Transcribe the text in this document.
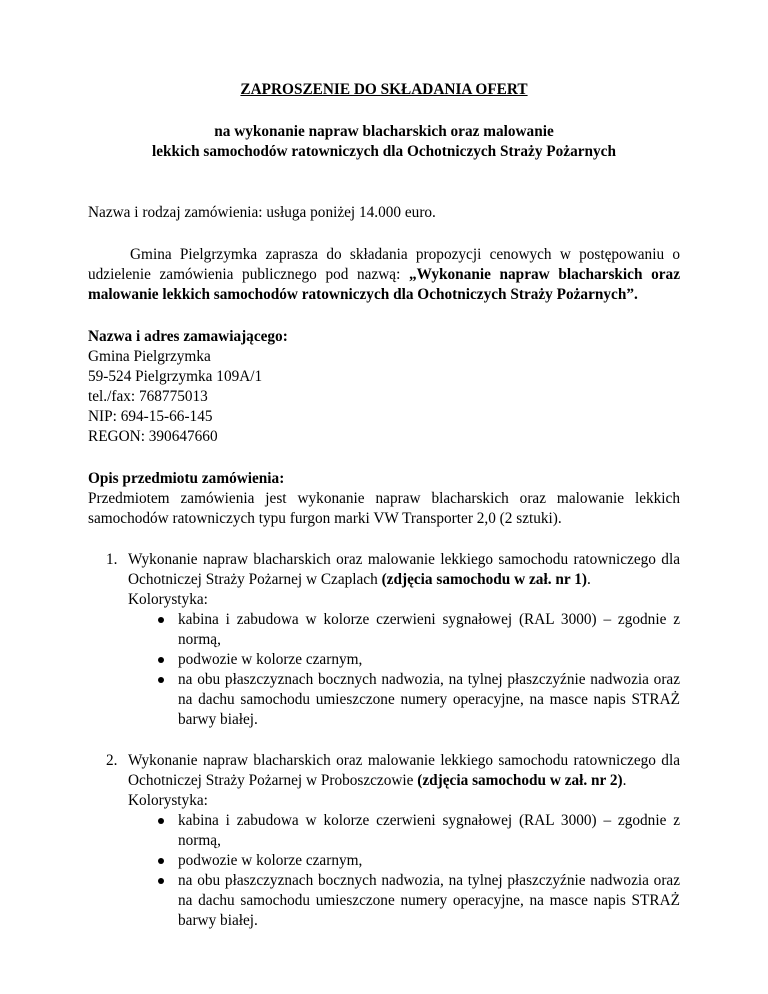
ZAPROSZENIE DO SKŁADANIA OFERT

na wykonanie napraw blacharskich oraz malowanie
lekkich samochodów ratowniczych dla Ochotniczych Straży Pożarnych

Nazwa i rodzaj zamówienia: usługa poniżej 14.000 euro.

Gmina Pielgrzymka zaprasza do składania propozycji cenowych w postępowaniu o udzielenie zamówienia publicznego pod nazwą: „Wykonanie napraw blacharskich oraz malowanie lekkich samochodów ratowniczych dla Ochotniczych Straży Pożarnych”.

Nazwa i adres zamawiającego:
Gmina Pielgrzymka
59-524 Pielgrzymka 109A/1
tel./fax: 768775013
NIP: 694-15-66-145
REGON: 390647660

Opis przedmiotu zamówienia:

Przedmiotem zamówienia jest wykonanie napraw blacharskich oraz malowanie lekkich samochodów ratowniczych typu furgon marki VW Transporter 2,0 (2 sztuki).

1. Wykonanie napraw blacharskich oraz malowanie lekkiego samochodu ratowniczego dla Ochotniczej Straży Pożarnej w Czaplach (zdjęcia samochodu w zał. nr 1).

Kolorystyka:

kabina i zabudowa w kolorze czerwieni sygnałowej (RAL 3000) – zgodnie z normą,
podwozie w kolorze czarnym,
na obu płaszczyznach bocznych nadwozia, na tylnej płaszczyźnie nadwozia oraz na dachu samochodu umieszczone numery operacyjne, na masce napis STRAŻ barwy białej.
2. Wykonanie napraw blacharskich oraz malowanie lekkiego samochodu ratowniczego dla Ochotniczej Straży Pożarnej w Proboszczowie (zdjęcia samochodu w zał. nr 2).

Kolorystyka:

kabina i zabudowa w kolorze czerwieni sygnałowej (RAL 3000) – zgodnie z normą,
podwozie w kolorze czarnym,
na obu płaszczyznach bocznych nadwozia, na tylnej płaszczyźnie nadwozia oraz na dachu samochodu umieszczone numery operacyjne, na masce napis STRAŻ barwy białej.
